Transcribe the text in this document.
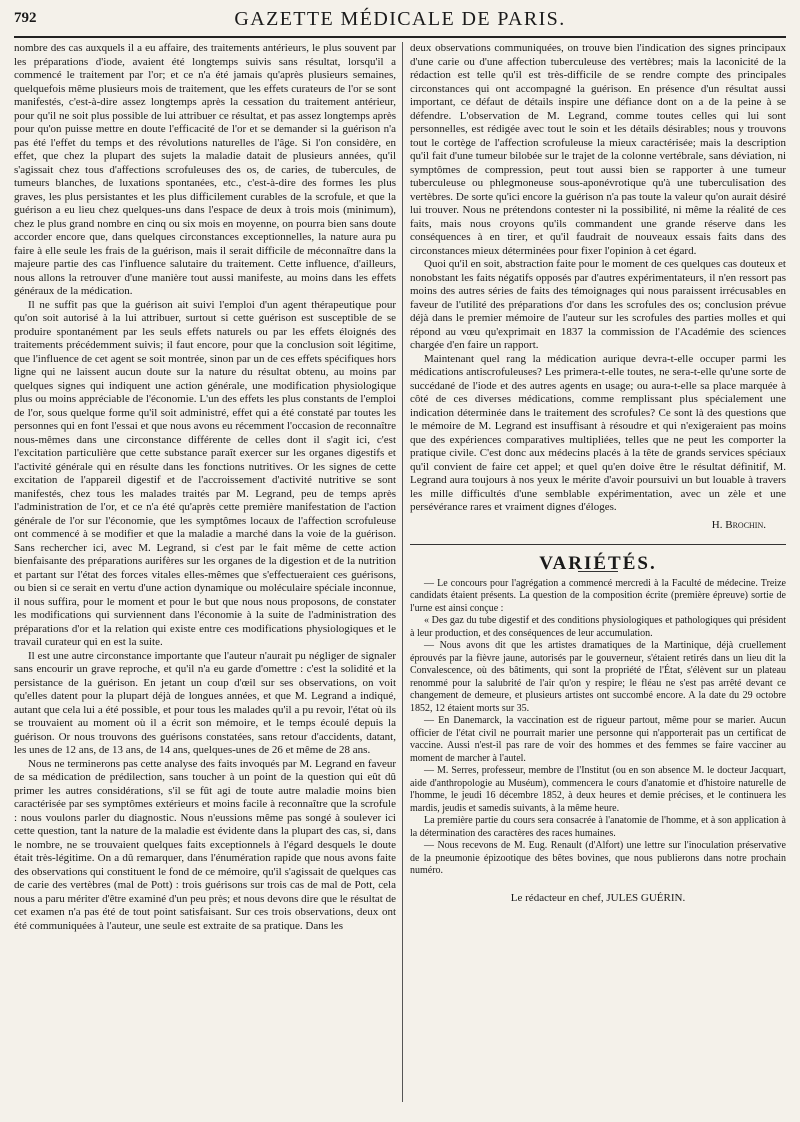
792	GAZETTE MÉDICALE DE PARIS.

nombre des cas auxquels il a eu affaire, des traitements antérieurs, le plus souvent par les préparations d'iode, avaient été longtemps suivis sans résultat, lorsqu'il a commencé le traitement par l'or; et ce n'a été jamais qu'après plusieurs semaines, quelquefois même plusieurs mois de traitement, que les effets curateurs de l'or se sont manifestés, c'est-à-dire assez longtemps après la cessation du traitement antérieur, pour qu'il ne soit plus possible de lui attribuer ce résultat, et pas assez longtemps après pour qu'on puisse mettre en doute l'efficacité de l'or et se demander si la guérison n'a pas été l'effet du temps et des révolutions naturelles de l'âge. Si l'on considère, en effet, que chez la plupart des sujets la maladie datait de plusieurs années, qu'il s'agissait chez tous d'affections scrofuleuses des os, de caries, de tubercules, de tumeurs blanches, de luxations spontanées, etc., c'est-à-dire des formes les plus graves, les plus persistantes et les plus difficilement curables de la scrofule, et que la guérison a eu lieu chez quelques-uns dans l'espace de deux à trois mois (minimum), chez le plus grand nombre en cinq ou six mois en moyenne, on pourra bien sans doute accorder encore que, dans quelques circonstances exceptionnelles, la nature aura pu faire à elle seule les frais de la guérison, mais il serait difficile de méconnaître dans la majeure partie des cas l'influence salutaire du traitement. Cette influence, d'ailleurs, nous allons la retrouver d'une manière tout aussi manifeste, au moins dans les effets généraux de la médication.

Il ne suffit pas que la guérison ait suivi l'emploi d'un agent thérapeutique pour qu'on soit autorisé à la lui attribuer, surtout si cette guérison est susceptible de se produire spontanément par les seuls effets naturels ou par les effets éloignés des traitements précédemment suivis; il faut encore, pour que la conclusion soit légitime, que l'influence de cet agent se soit montrée, sinon par un de ces effets spécifiques hors ligne qui ne laissent aucun doute sur la nature du résultat obtenu, au moins par quelques signes qui indiquent une action générale, une modification physiologique plus ou moins appréciable de l'économie. L'un des effets les plus constants de l'emploi de l'or, sous quelque forme qu'il soit administré, effet qui a été constaté par toutes les personnes qui en font l'essai et que nous avons eu récemment l'occasion de reconnaître nous-mêmes dans une circonstance différente de celles dont il s'agit ici, c'est l'excitation particulière que cette substance paraît exercer sur les organes digestifs et l'activité générale qui en résulte dans les fonctions nutritives. Or les signes de cette excitation de l'appareil digestif et de l'accroissement d'activité nutritive se sont manifestés, chez tous les malades traités par M. Legrand, peu de temps après l'administration de l'or, et ce n'a été qu'après cette première manifestation de l'action générale de l'or sur l'économie, que les symptômes locaux de l'affection scrofuleuse ont commencé à se modifier et que la maladie a marché dans la voie de la guérison. Sans rechercher ici, avec M. Legrand, si c'est par le fait même de cette action bienfaisante des préparations aurifères sur les organes de la digestion et de la nutrition et partant sur l'état des forces vitales elles-mêmes que s'effectueraient ces guérisons, ou bien si ce serait en vertu d'une action dynamique ou moléculaire spéciale inconnue, il nous suffira, pour le moment et pour le but que nous nous proposons, de constater les modifications qui surviennent dans l'économie à la suite de l'administration des préparations d'or et la relation qui existe entre ces modifications physiologiques et le travail curateur qui en est la suite.

Il est une autre circonstance importante que l'auteur n'aurait pu négliger de signaler sans encourir un grave reproche, et qu'il n'a eu garde d'omettre : c'est la solidité et la persistance de la guérison. En jetant un coup d'œil sur ses observations, on voit qu'elles datent pour la plupart déjà de longues années, et que M. Legrand a indiqué, autant que cela lui a été possible, et pour tous les malades qu'il a pu revoir, l'état où ils se trouvaient au moment où il a écrit son mémoire, et le temps écoulé depuis la guérison. Or nous trouvons des guérisons constatées, sans retour d'accidents, datant, les unes de 12 ans, de 13 ans, de 14 ans, quelques-unes de 26 et même de 28 ans.

Nous ne terminerons pas cette analyse des faits invoqués par M. Legrand en faveur de sa médication de prédilection, sans toucher à un point de la question qui eût dû primer les autres considérations, s'il se fût agi de toute autre maladie moins bien caractérisée par ses symptômes extérieurs et moins facile à reconnaître que la scrofule : nous voulons parler du diagnostic. Nous n'eussions même pas songé à soulever ici cette question, tant la nature de la maladie est évidente dans la plupart des cas, si, dans le nombre, ne se trouvaient quelques faits exceptionnels à l'égard desquels le doute était très-légitime. On a dû remarquer, dans l'énumération rapide que nous avons faite des observations qui constituent le fond de ce mémoire, qu'il s'agissait de quelques cas de carie des vertèbres (mal de Pott) : trois guérisons sur trois cas de mal de Pott, cela nous a paru mériter d'être examiné d'un peu près; et nous devons dire que le résultat de cet examen n'a pas été de tout point satisfaisant. Sur ces trois observations, deux ont été communiquées à l'auteur, une seule est extraite de sa pratique. Dans les

deux observations communiquées, on trouve bien l'indication des signes principaux d'une carie ou d'une affection tuberculeuse des vertèbres; mais la laconicité de la rédaction est telle qu'il est très-difficile de se rendre compte des principales circonstances qui ont accompagné la guérison. En présence d'un résultat aussi important, ce défaut de détails inspire une défiance dont on a de la peine à se défendre. L'observation de M. Legrand, comme toutes celles qui lui sont personnelles, est rédigée avec tout le soin et les détails désirables; nous y trouvons tout le cortège de l'affection scrofuleuse la mieux caractérisée; mais la description qu'il fait d'une tumeur bilobée sur le trajet de la colonne vertébrale, sans déviation, ni symptômes de compression, peut tout aussi bien se rapporter à une tumeur tuberculeuse ou phlegmoneuse sous-aponévrotique qu'à une tuberculisation des vertèbres. De sorte qu'ici encore la guérison n'a pas toute la valeur qu'on aurait désiré lui trouver. Nous ne prétendons contester ni la possibilité, ni même la réalité de ces faits, mais nous croyons qu'ils commandent une grande réserve dans les conséquences à en tirer, et qu'il faudrait de nouveaux essais faits dans des circonstances mieux déterminées pour fixer l'opinion à cet égard.

Quoi qu'il en soit, abstraction faite pour le moment de ces quelques cas douteux et nonobstant les faits négatifs opposés par d'autres expérimentateurs, il n'en ressort pas moins des autres séries de faits des témoignages qui nous paraissent irrécusables en faveur de l'utilité des préparations d'or dans les scrofules des os; conclusion prévue déjà dans le premier mémoire de l'auteur sur les scrofules des parties molles et qui répond au vœu qu'exprimait en 1837 la commission de l'Académie des sciences chargée d'en faire un rapport.

Maintenant quel rang la médication aurique devra-t-elle occuper parmi les médications antiscrofuleuses? Les primera-t-elle toutes, ne sera-t-elle qu'une sorte de succédané de l'iode et des autres agents en usage; ou aura-t-elle sa place marquée à côté de ces diverses médications, comme remplissant plus spécialement une indication déterminée dans le traitement des scrofules? Ce sont là des questions que le mémoire de M. Legrand est insuffisant à résoudre et qui n'exigeraient pas moins que des expériences comparatives multipliées, telles que ne peut les comporter la pratique civile. C'est donc aux médecins placés à la tête de grands services spéciaux qu'il convient de faire cet appel; et quel qu'en doive être le résultat définitif, M. Legrand aura toujours à nos yeux le mérite d'avoir poursuivi un but louable à travers les mille difficultés d'une semblable expérimentation, avec un zèle et une persévérance rares et vraiment dignes d'éloges.

H. Brochin.

VARIÉTÉS.

— Le concours pour l'agrégation a commencé mercredi à la Faculté de médecine. Treize candidats étaient présents. La question de la composition écrite (première épreuve) sortie de l'urne est ainsi conçue :

« Des gaz du tube digestif et des conditions physiologiques et pathologiques qui président à leur production, et des conséquences de leur accumulation.

— Nous avons dit que les artistes dramatiques de la Martinique, déjà cruellement éprouvés par la fièvre jaune, autorisés par le gouverneur, s'étaient retirés dans un lieu dit la Convalescence, où des bâtiments, qui sont la propriété de l'État, s'élèvent sur un plateau renommé pour la salubrité de l'air qu'on y respire; le fléau ne s'est pas arrêté devant ce changement de demeure, et plusieurs artistes ont succombé encore. A la date du 29 octobre 1852, 12 étaient morts sur 35.

— En Danemarck, la vaccination est de rigueur partout, même pour se marier. Aucun officier de l'état civil ne pourrait marier une personne qui n'apporterait pas un certificat de vaccine. Aussi n'est-il pas rare de voir des hommes et des femmes se faire vacciner au moment de marcher à l'autel.

— M. Serres, professeur, membre de l'Institut (ou en son absence M. le docteur Jacquart, aide d'anthropologie au Muséum), commencera le cours d'anatomie et d'histoire naturelle de l'homme, le jeudi 16 décembre 1852, à deux heures et demie précises, et le continuera les mardis, jeudis et samedis suivants, à la même heure.

La première partie du cours sera consacrée à l'anatomie de l'homme, et à son application à la détermination des caractères des races humaines.

— Nous recevons de M. Eug. Renault (d'Alfort) une lettre sur l'inoculation préservative de la pneumonie épizootique des bêtes bovines, que nous publierons dans notre prochain numéro.

Le rédacteur en chef, JULES GUÉRIN.
